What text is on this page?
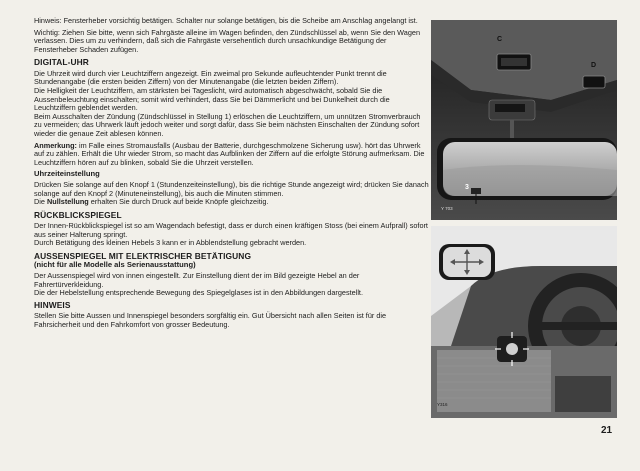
Hinweis: Fensterheber vorsichtig betätigen. Schalter nur solange betätigen, bis die Scheibe am Anschlag angelangt ist.

Wichtig: Ziehen Sie bitte, wenn sich Fahrgäste alleine im Wagen befinden, den Zündschlüssel ab, wenn Sie den Wagen verlassen. Dies um zu verhindern, daß sich die Fahrgäste versehentlich durch unsachkundige Betätigung der Fensterheber Schaden zufügen.

DIGITAL-UHR

Die Uhrzeit wird durch vier Leuchtziffern angezeigt. Ein zweimal pro Sekunde aufleuchtender Punkt trennt die Stundenangabe (die ersten beiden Ziffern) von der Minutenangabe (die letzten beiden Ziffern).

Die Helligkeit der Leuchtziffern, am stärksten bei Tageslicht, wird automatisch abgeschwächt, sobald Sie die Aussenbeleuchtung einschalten; somit wird verhindert, dass Sie bei Dämmerlicht und bei Dunkelheit durch die Leuchtziffern geblendet werden.

Beim Ausschalten der Zündung (Zündschlüssel in Stellung 1) erlöschen die Leuchtziffern, um unnützen Stromverbrauch zu vermeiden; das Uhrwerk läuft jedoch weiter und sorgt dafür, dass Sie beim nächsten Einschalten der Zündung sofort wieder die genaue Zeit ablesen können.

Anmerkung: im Falle eines Stromausfalls (Ausbau der Batterie, durchgeschmolzene Sicherung usw). hört das Uhrwerk auf zu zählen. Erhält die Uhr wieder Strom, so macht das Aufblinken der Ziffern auf die erfolgte Störung aufmerksam. Die Leuchtziffern hören auf zu blinken, sobald Sie die Uhrzeit verstellen.

Uhrzeiteinstellung

Drücken Sie solange auf den Knopf 1 (Stundenzeiteinstellung), bis die richtige Stunde angezeigt wird; drücken Sie danach solange auf den Knopf 2 (Minuteneinstellung), bis auch die Minuten stimmen.

Die Nullstellung erhalten Sie durch Druck auf beide Knöpfe gleichzeitig.

RÜCKBLICKSPIEGEL

Der Innen-Rückblickspiegel ist so am Wagendach befestigt, dass er durch einen kräftigen Stoss (bei einem Aufprall) sofort aus seiner Halterung springt.

Durch Betätigung des kleinen Hebels 3 kann er in Abblendstellung gebracht werden.

AUSSENSPIEGEL MIT ELEKTRISCHER BETÄTIGUNG
(nicht für alle Modelle als Serienausstattung)

Der Aussenspiegel wird von innen eingestellt. Zur Einstellung dient der im Bild gezeigte Hebel an der Fahrertürverkleidung.

Die der Hebelstellung entsprechende Bewegung des Spiegelglases ist in den Abbildungen dargestellt.

HINWEIS

Stellen Sie bitte Aussen und Innenspiegel besonders sorgfältig ein. Gut Übersicht nach allen Seiten ist für die Fahrsicherheit und den Fahrkomfort von grosser Bedeutung.

C
D
3
Y 703
Y316
21
